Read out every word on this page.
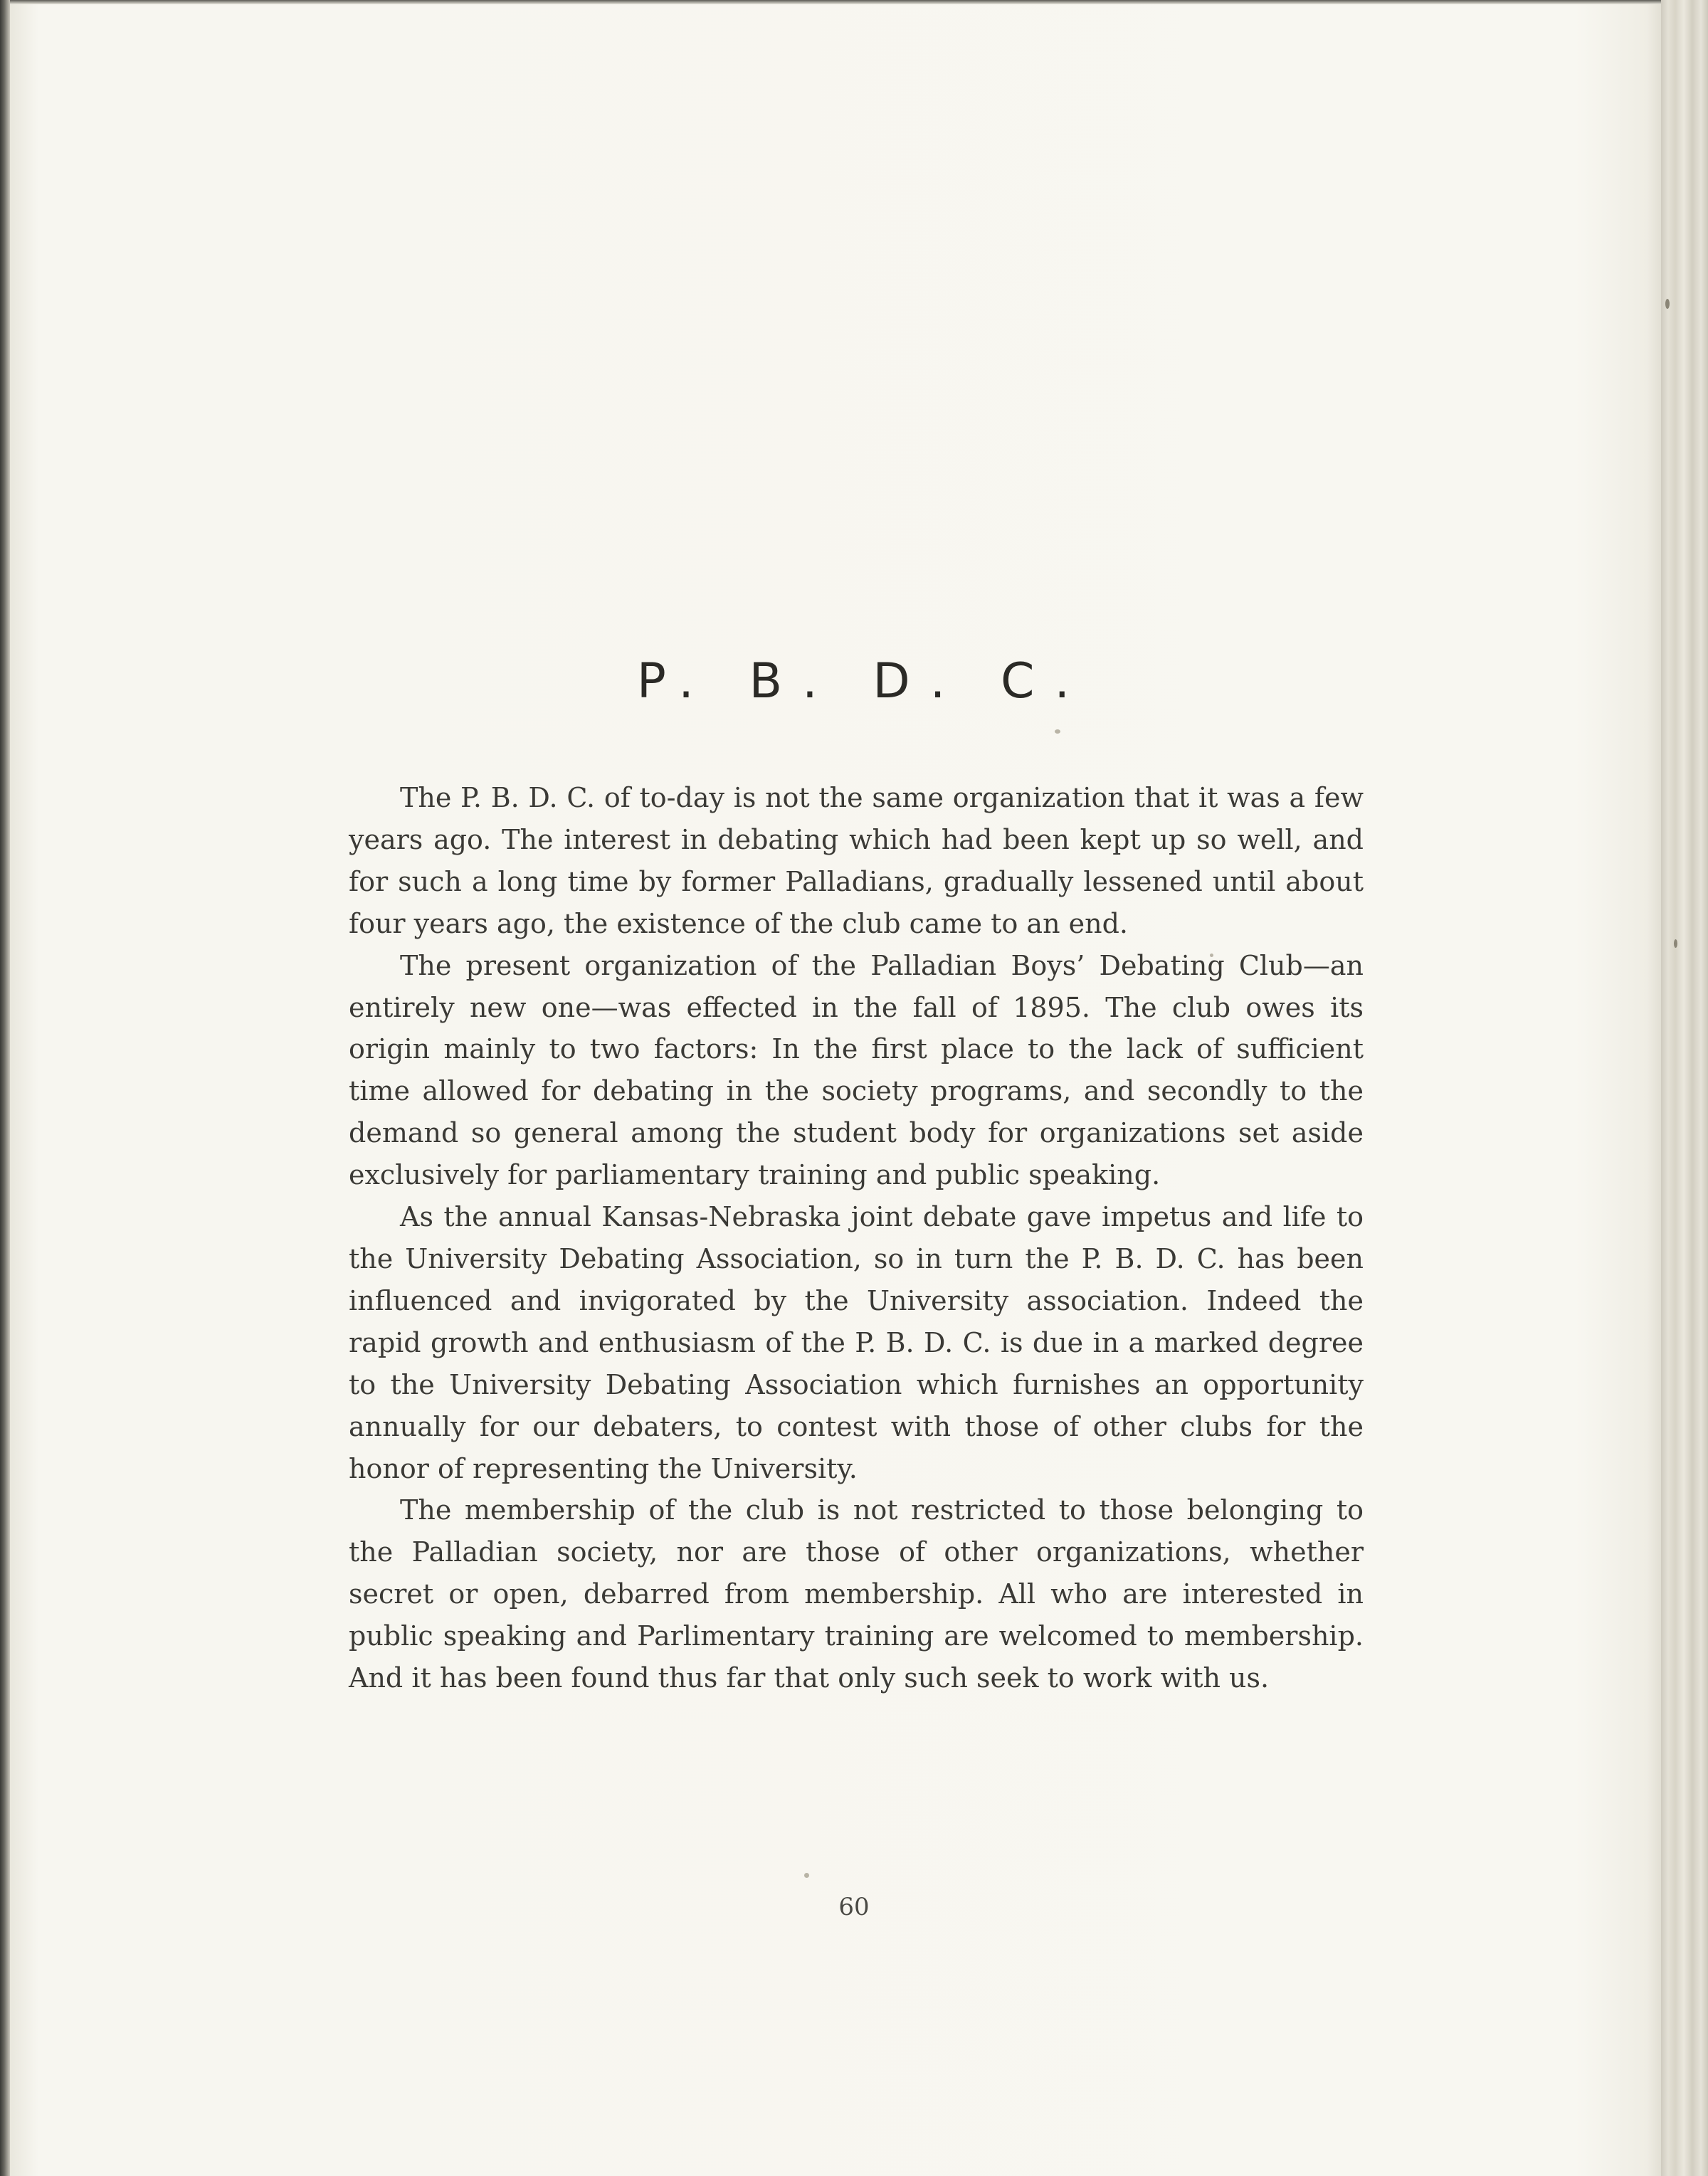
P. B. D. C.

The P. B. D. C. of to-day is not the same organization that it was a few years ago. The interest in debating which had been kept up so well, and for such a long time by former Palladians, gradually lessened until about four years ago, the existence of the club came to an end.

The present organization of the Palladian Boys’ Debating Club—an entirely new one—was effected in the fall of 1895. The club owes its origin mainly to two factors: In the first place to the lack of sufficient time allowed for debating in the society programs, and secondly to the demand so general among the student body for organizations set aside exclusively for parliamentary training and public speaking.

As the annual Kansas-Nebraska joint debate gave impetus and life to the University Debating Association, so in turn the P. B. D. C. has been influenced and invigorated by the University association. Indeed the rapid growth and enthusiasm of the P. B. D. C. is due in a marked degree to the University Debating Association which furnishes an opportunity annually for our debaters, to contest with those of other clubs for the honor of representing the University.

The membership of the club is not restricted to those belonging to the Palladian society, nor are those of other organizations, whether secret or open, debarred from membership. All who are interested in public speaking and Parlimentary training are welcomed to membership. And it has been found thus far that only such seek to work with us.

60
